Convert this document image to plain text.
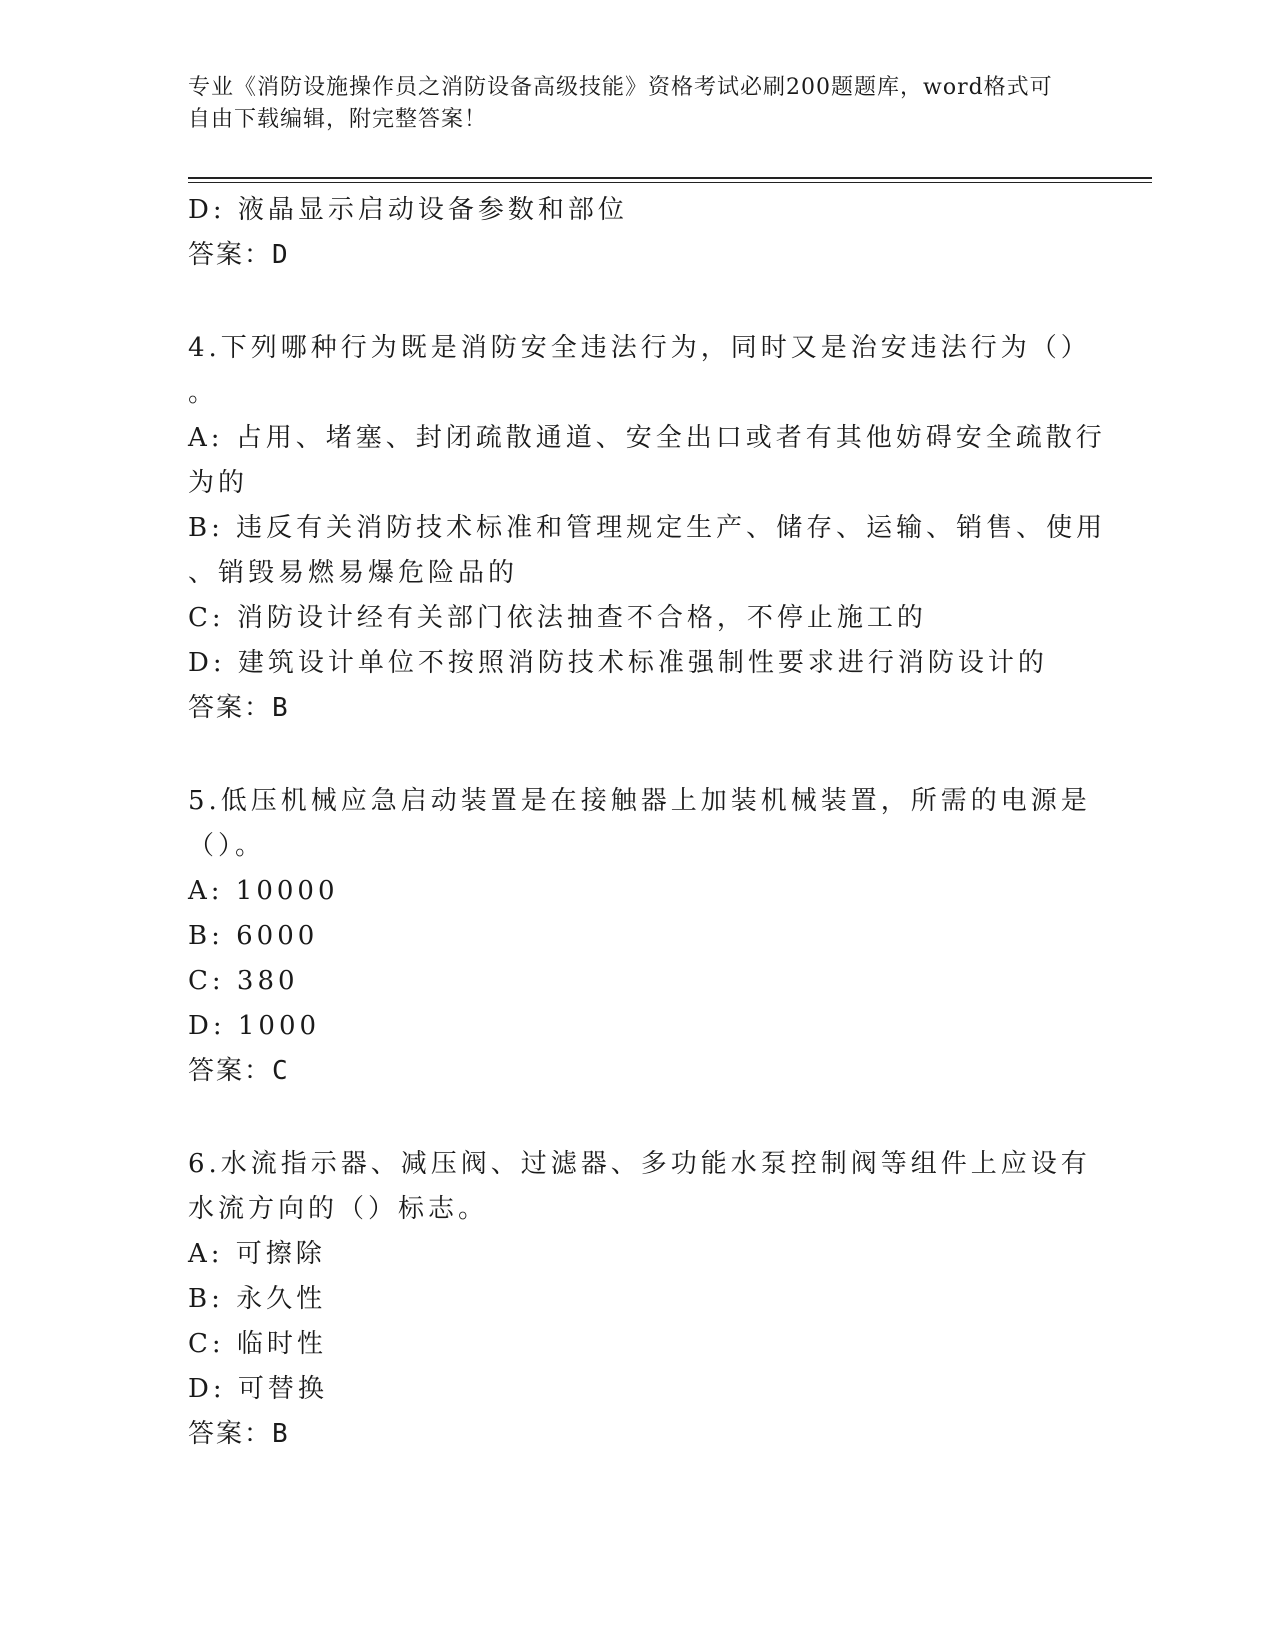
专业《消防设施操作员之消防设备高级技能》资格考试必刷200题题库，word格式可自由下载编辑，附完整答案！
D: 液晶显示启动设备参数和部位
答案：D
4.下列哪种行为既是消防安全违法行为，同时又是治安违法行为（）
。
A: 占用、堵塞、封闭疏散通道、安全出口或者有其他妨碍安全疏散行
为的
B: 违反有关消防技术标准和管理规定生产、储存、运输、销售、使用
、销毁易燃易爆危险品的
C: 消防设计经有关部门依法抽查不合格，不停止施工的
D: 建筑设计单位不按照消防技术标准强制性要求进行消防设计的
答案：B
5.低压机械应急启动装置是在接触器上加装机械装置，所需的电源是
（）。
A: 10000
B: 6000
C: 380
D: 1000
答案：C
6.水流指示器、减压阀、过滤器、多功能水泵控制阀等组件上应设有
水流方向的（）标志。
A: 可擦除
B: 永久性
C: 临时性
D: 可替换
答案：B
